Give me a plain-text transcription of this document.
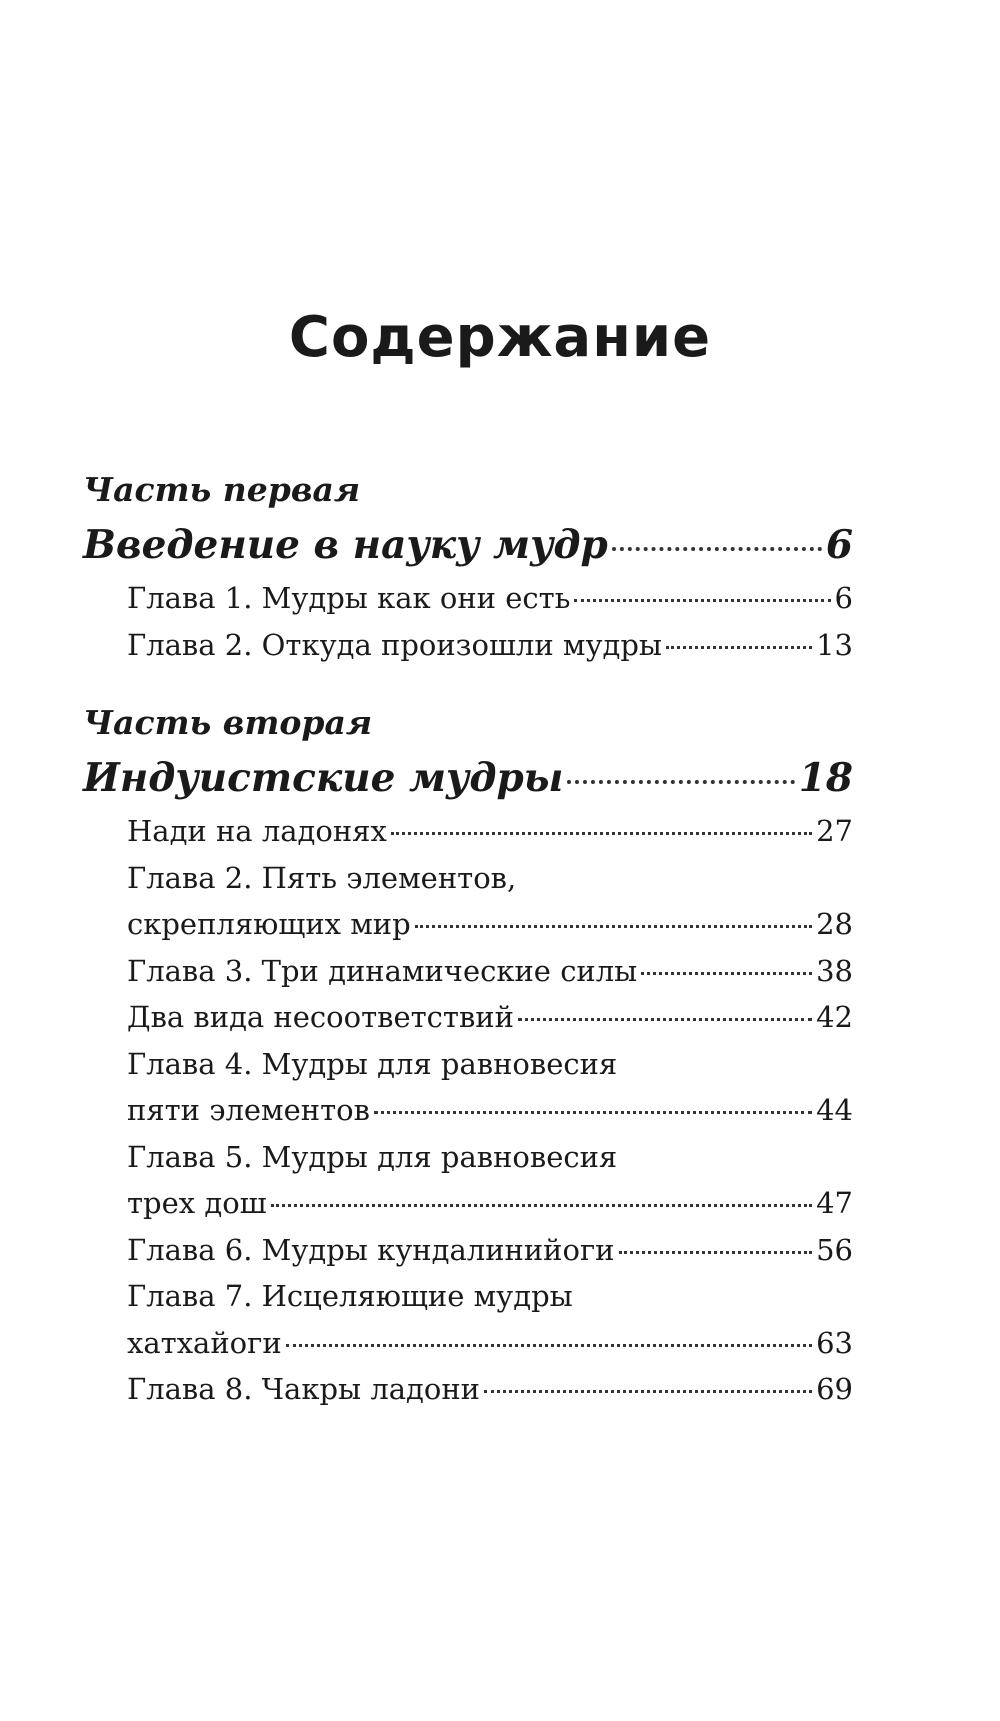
Содержание
Часть первая
Введение в науку мудр	6
Глава 1. Мудры как они есть	6
Глава 2. Откуда произошли мудры	13
Часть вторая
Индуистские мудры	18
Нади на ладонях	27
Глава 2. Пять элементов,
скрепляющих мир	28
Глава 3. Три динамические силы	38
Два вида несоответствий	42
Глава 4. Мудры для равновесия
пяти элементов	44
Глава 5. Мудры для равновесия
трех дош	47
Глава 6. Мудры кундалинийоги	56
Глава 7. Исцеляющие мудры
хатхайоги	63
Глава 8. Чакры ладони	69
